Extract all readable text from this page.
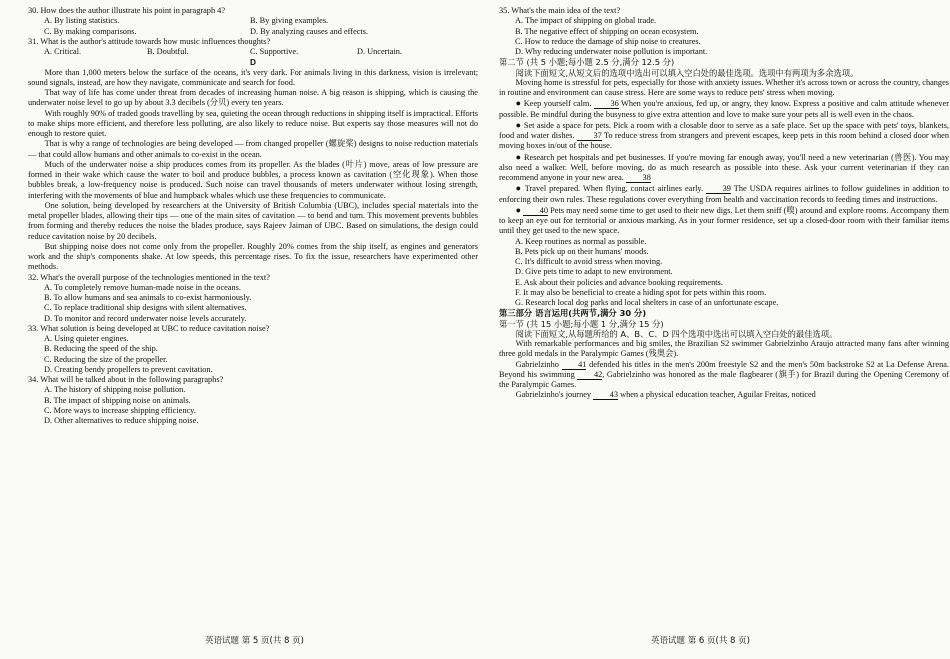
30. How does the author illustrate his point in paragraph 4?

A. By listing statistics.	B. By giving examples.
C. By making comparisons.	D. By analyzing causes and effects.

31. What is the author's attitude towards how music influences thoughts?

A. Critical.	B. Doubtful.	C. Supportive.	D. Uncertain.

D

More than 1,000 meters below the surface of the oceans, it's very dark. For animals living in this darkness, vision is irrelevant; sound signals, instead, are how they navigate, communicate and search for food.

That way of life has come under threat from decades of increasing human noise. A big reason is shipping, which is causing the underwater noise level to go up by about 3.3 decibels (分贝) every ten years.

With roughly 90% of traded goods travelling by sea, quieting the ocean through reductions in shipping itself is impractical. Efforts to make ships more efficient, and therefore less polluting, are also likely to reduce noise. But experts say those measures will not do enough to restore quiet.

That is why a range of technologies are being developed — from changed propeller (螺旋桨) designs to noise reduction materials — that could allow humans and other animals to co-exist in the ocean.

Much of the underwater noise a ship produces comes from its propeller. As the blades (叶片) move, areas of low pressure are formed in their wake which cause the water to boil and produce bubbles, a process known as cavitation (空化现象). When those bubbles break, a low-frequency noise is produced. Such noise can travel thousands of meters underwater without losing strength, interfering with the movements of blue and humpback whales which use these frequencies to communicate.

One solution, being developed by researchers at the University of British Columbia (UBC), includes special materials into the metal propeller blades, allowing their tips — one of the main sites of cavitation — to bend and turn. This movement prevents bubbles from forming and thereby reduces the noise the blades produce, says Rajeev Jaiman of UBC. Based on simulations, the design could reduce cavitation noise by 20 decibels.

But shipping noise does not come only from the propeller. Roughly 20% comes from the ship itself, as engines and generators work and the ship's components shake. At low speeds, this percentage rises. To fix the issue, researchers have experimented other methods.

32. What's the overall purpose of the technologies mentioned in the text?

A. To completely remove human-made noise in the oceans.

B. To allow humans and sea animals to co-exist harmoniously.

C. To replace traditional ship designs with silent alternatives.

D. To monitor and record underwater noise levels accurately.

33. What solution is being developed at UBC to reduce cavitation noise?

A. Using quieter engines.

B. Reducing the speed of the ship.

C. Reducing the size of the propeller.

D. Creating bendy propellers to prevent cavitation.

34. What will be talked about in the following paragraphs?

A. The history of shipping noise pollution.

B. The impact of shipping noise on animals.

C. More ways to increase shipping efficiency.

D. Other alternatives to reduce shipping noise.

英语试题 第 5 页(共 8 页)

35. What's the main idea of the text?

A. The impact of shipping on global trade.

B. The negative effect of shipping on ocean ecosystem.

C. How to reduce the damage of ship noise to creatures.

D. Why reducing underwater noise pollution is important.

第二节 (共 5 小题;每小题 2.5 分,满分 12.5 分)

阅读下面短文,从短文后的选项中选出可以填入空白处的最佳选项。选项中有两项为多余选项。

Moving home is stressful for pets, especially for those with anxiety issues. Whether it's across town or across the country, changes in routine and environment can cause stress. Here are some ways to reduce pets' stress when moving.

● Keep yourself calm. 36 When you're anxious, fed up, or angry, they know. Express a positive and calm attitude whenever possible. Be mindful during the busyness to give extra attention and love to make sure your pets all is well even in the chaos.

● Set aside a space for pets. Pick a room with a closable door to serve as a safe place. Set up the space with pets' toys, blankets, food and water dishes. 37 To reduce stress from strangers and prevent escapes, keep pets in this room behind a closed door when moving boxes in/out of the house.

● Research pet hospitals and pet businesses. If you're moving far enough away, you'll need a new veterinarian (兽医). You may also need a walker. Well, before moving, do as much research as possible into these. Ask your current veterinarian if they can recommend anyone in your new area. 38

● Travel prepared. When flying, contact airlines early. 39 The USDA requires airlines to follow guidelines in addition to enforcing their own rules. These regulations cover everything from health and vaccination records to feeding times and instructions.

● 40 Pets may need some time to get used to their new digs. Let them sniff (嗅) around and explore rooms. Accompany them to keep an eye out for territorial or anxious marking. As in your former residence, set up a closed-door room with their familiar items until they get used to the new space.

A. Keep routines as normal as possible.

B. Pets pick up on their humans' moods.

C. It's difficult to avoid stress when moving.

D. Give pets time to adapt to new environment.

E. Ask about their policies and advance booking requirements.

F. It may also be beneficial to create a hiding spot for pets within this room.

G. Research local dog parks and local shelters in case of an unfortunate escape.

第三部分 语言运用(共两节,满分 30 分)

第一节 (共 15 小题;每小题 1 分,满分 15 分)

阅读下面短文,从每题所给的 A、B、C、D 四个选项中选出可以填入空白处的最佳选项。

With remarkable performances and big smiles, the Brazilian S2 swimmer Gabrielzinho Araujo attracted many fans after winning three gold medals in the Paralympic Games (残奥会).

Gabrielzinho 41 defended his titles in the men's 200m freestyle S2 and the men's 50m backstroke S2 at La Defense Arena. Beyond his swimming 42, Gabrielzinho was honored as the male flagbearer (旗手) for Brazil during the Opening Ceremony of the Paralympic Games.

Gabrielzinho's journey 43 when a physical education teacher, Aguilar Freitas, noticed

英语试题 第 6 页(共 8 页)
